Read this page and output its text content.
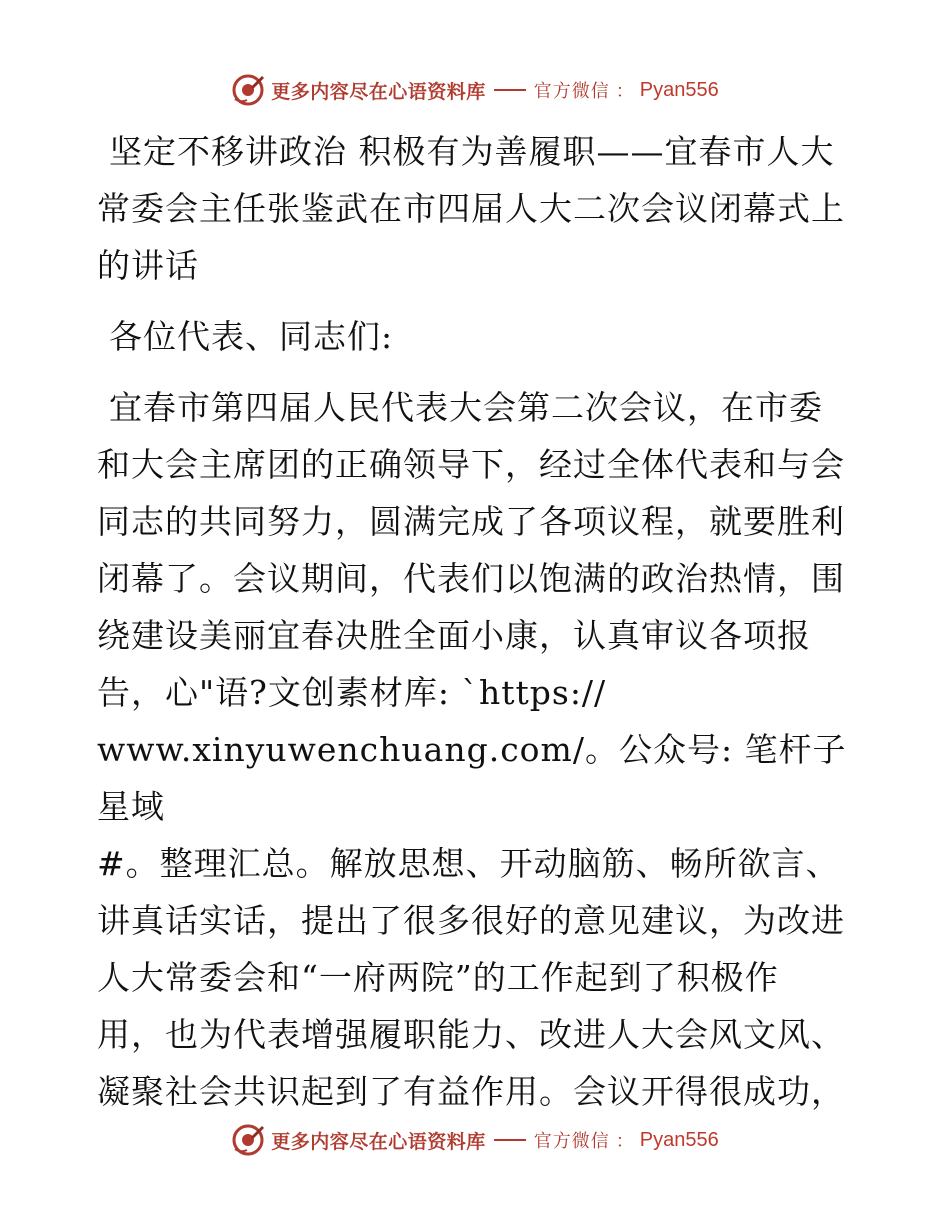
更多内容尽在心语资料库	官方微信 ： Pyan556

坚定不移讲政治 积极有为善履职——宜春市人大常委会主任张鉴武在市四届人大二次会议闭幕式上的讲话

各位代表、同志们:

宜春市第四届人民代表大会第二次会议，在市委

和大会主席团的正确领导下，经过全体代表和与会

同志的共同努力，圆满完成了各项议程，就要胜利

闭幕了。会议期间，代表们以饱满的政治热情，围

绕建设美丽宜春决胜全面小康，认真审议各项报

告，心"语?文创素材库: `https://

www.xinyuwenchuang.com/。公众号: 笔杆子星域

#。整理汇总。解放思想、开动脑筋、畅所欲言、

讲真话实话，提出了很多很好的意见建议，为改进

人大常委会和“一府两院”的工作起到了积极作

用，也为代表增强履职能力、改进人大会风文风、

凝聚社会共识起到了有益作用。会议开得很成功，

更多内容尽在心语资料库	官方微信 ： Pyan556
